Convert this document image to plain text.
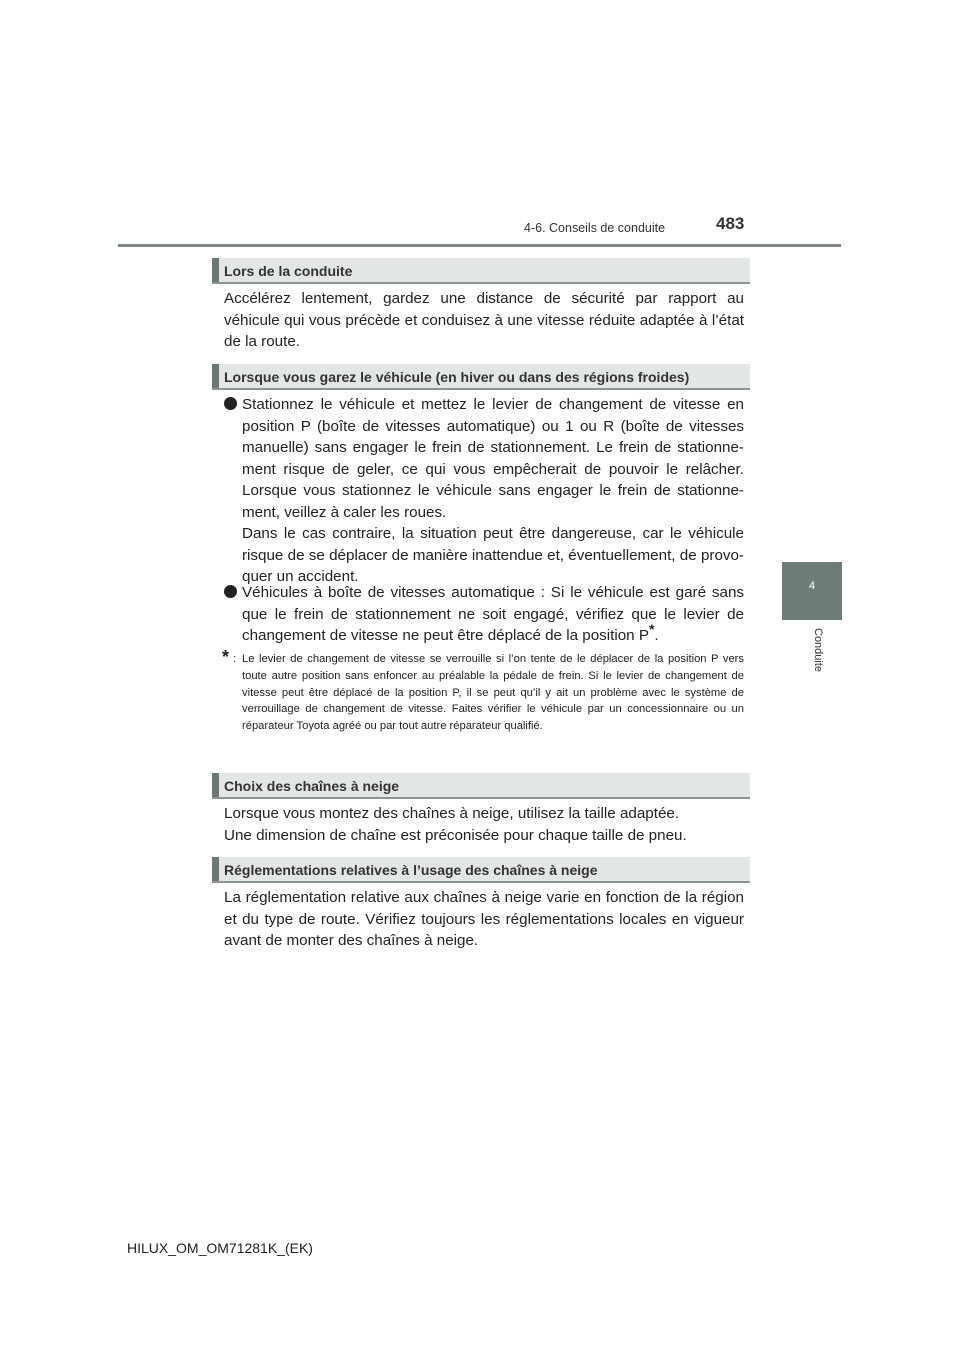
4-6. Conseils de conduite	483
4
Conduite
Lors de la conduite
Accélérez lentement, gardez une distance de sécurité par rapport au véhicule qui vous précède et conduisez à une vitesse réduite adaptée à l’état de la route.
Lorsque vous garez le véhicule (en hiver ou dans des régions froides)
Stationnez le véhicule et mettez le levier de changement de vitesse en position P (boîte de vitesses automatique) ou 1 ou R (boîte de vitesses manuelle) sans engager le frein de stationnement. Le frein de stationne-ment risque de geler, ce qui vous empêcherait de pouvoir le relâcher. Lorsque vous stationnez le véhicule sans engager le frein de stationne-ment, veillez à caler les roues.
Dans le cas contraire, la situation peut être dangereuse, car le véhicule risque de se déplacer de manière inattendue et, éventuellement, de provo-quer un accident.
Véhicules à boîte de vitesses automatique : Si le véhicule est garé sans que le frein de stationnement ne soit engagé, vérifiez que le levier de changement de vitesse ne peut être déplacé de la position P*.
* : Le levier de changement de vitesse se verrouille si l’on tente de le déplacer de la position P vers toute autre position sans enfoncer au préalable la pédale de frein. Si le levier de changement de vitesse peut être déplacé de la position P, il se peut qu’il y ait un problème avec le système de verrouillage de changement de vitesse. Faites vérifier le véhicule par un concessionnaire ou un réparateur Toyota agréé ou par tout autre réparateur qualifié.
Choix des chaînes à neige
Lorsque vous montez des chaînes à neige, utilisez la taille adaptée.
Une dimension de chaîne est préconisée pour chaque taille de pneu.
Réglementations relatives à l’usage des chaînes à neige
La réglementation relative aux chaînes à neige varie en fonction de la région et du type de route. Vérifiez toujours les réglementations locales en vigueur avant de monter des chaînes à neige.
HILUX_OM_OM71281K_(EK)
